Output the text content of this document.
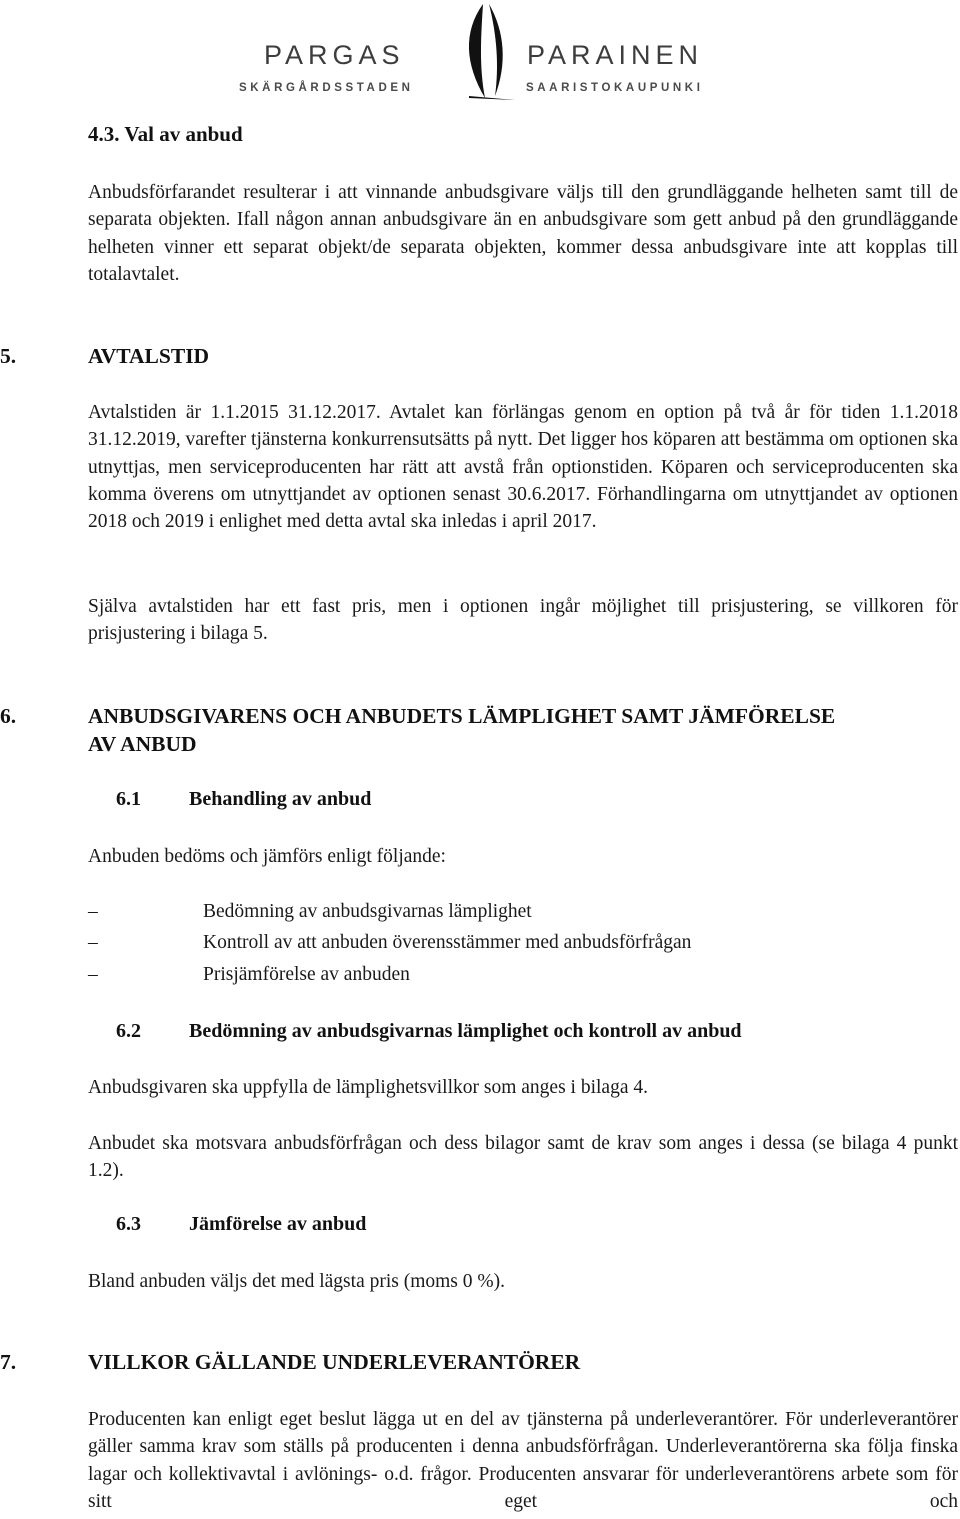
PARGAS
SKÄRGÅRDSSTADEN
PARAINEN
SAARISTOKAUPUNKI
4.3. Val av anbud
Anbudsförfarandet resulterar i att vinnande anbudsgivare väljs till den grundläggande helheten samt till de separata objekten. Ifall någon annan anbudsgivare än en anbudsgivare som gett anbud på den grundläggande helheten vinner ett separat objekt/de separata objekten, kommer dessa anbudsgivare inte att kopplas till totalavtalet.
5.	AVTALSTID
Avtalstiden är 1.1.2015 31.12.2017. Avtalet kan förlängas genom en option på två år för tiden 1.1.2018 31.12.2019, varefter tjänsterna konkurrensutsätts på nytt. Det ligger hos köparen att bestämma om optionen ska utnyttjas, men serviceproducenten har rätt att avstå från optionstiden. Köparen och serviceproducenten ska komma överens om utnyttjandet av optionen senast 30.6.2017. Förhandlingarna om utnyttjandet av optionen 2018 och 2019 i enlighet med detta avtal ska inledas i april 2017.
Själva avtalstiden har ett fast pris, men i optionen ingår möjlighet till prisjustering, se villkoren för prisjustering i bilaga 5.
6.	ANBUDSGIVARENS OCH ANBUDETS LÄMPLIGHET SAMT JÄMFÖRELSE
AV ANBUD
6.1 Behandling av anbud
Anbuden bedöms och jämförs enligt följande:
–	Bedömning av anbudsgivarnas lämplighet
–	Kontroll av att anbuden överensstämmer med anbudsförfrågan
–	Prisjämförelse av anbuden
6.2 Bedömning av anbudsgivarnas lämplighet och kontroll av anbud
Anbudsgivaren ska uppfylla de lämplighetsvillkor som anges i bilaga 4.
Anbudet ska motsvara anbudsförfrågan och dess bilagor samt de krav som anges i dessa (se bilaga 4 punkt 1.2).
6.3 Jämförelse av anbud
Bland anbuden väljs det med lägsta pris (moms 0 %).
7.	VILLKOR GÄLLANDE UNDERLEVERANTÖRER
Producenten kan enligt eget beslut lägga ut en del av tjänsterna på underleverantörer. För underleverantörer gäller samma krav som ställs på producenten i denna anbudsförfrågan. Underleverantörerna ska följa finska lagar och kollektivavtal i avlönings- o.d. frågor. Producenten ansvarar för underleverantörens arbete som för sitt eget och
